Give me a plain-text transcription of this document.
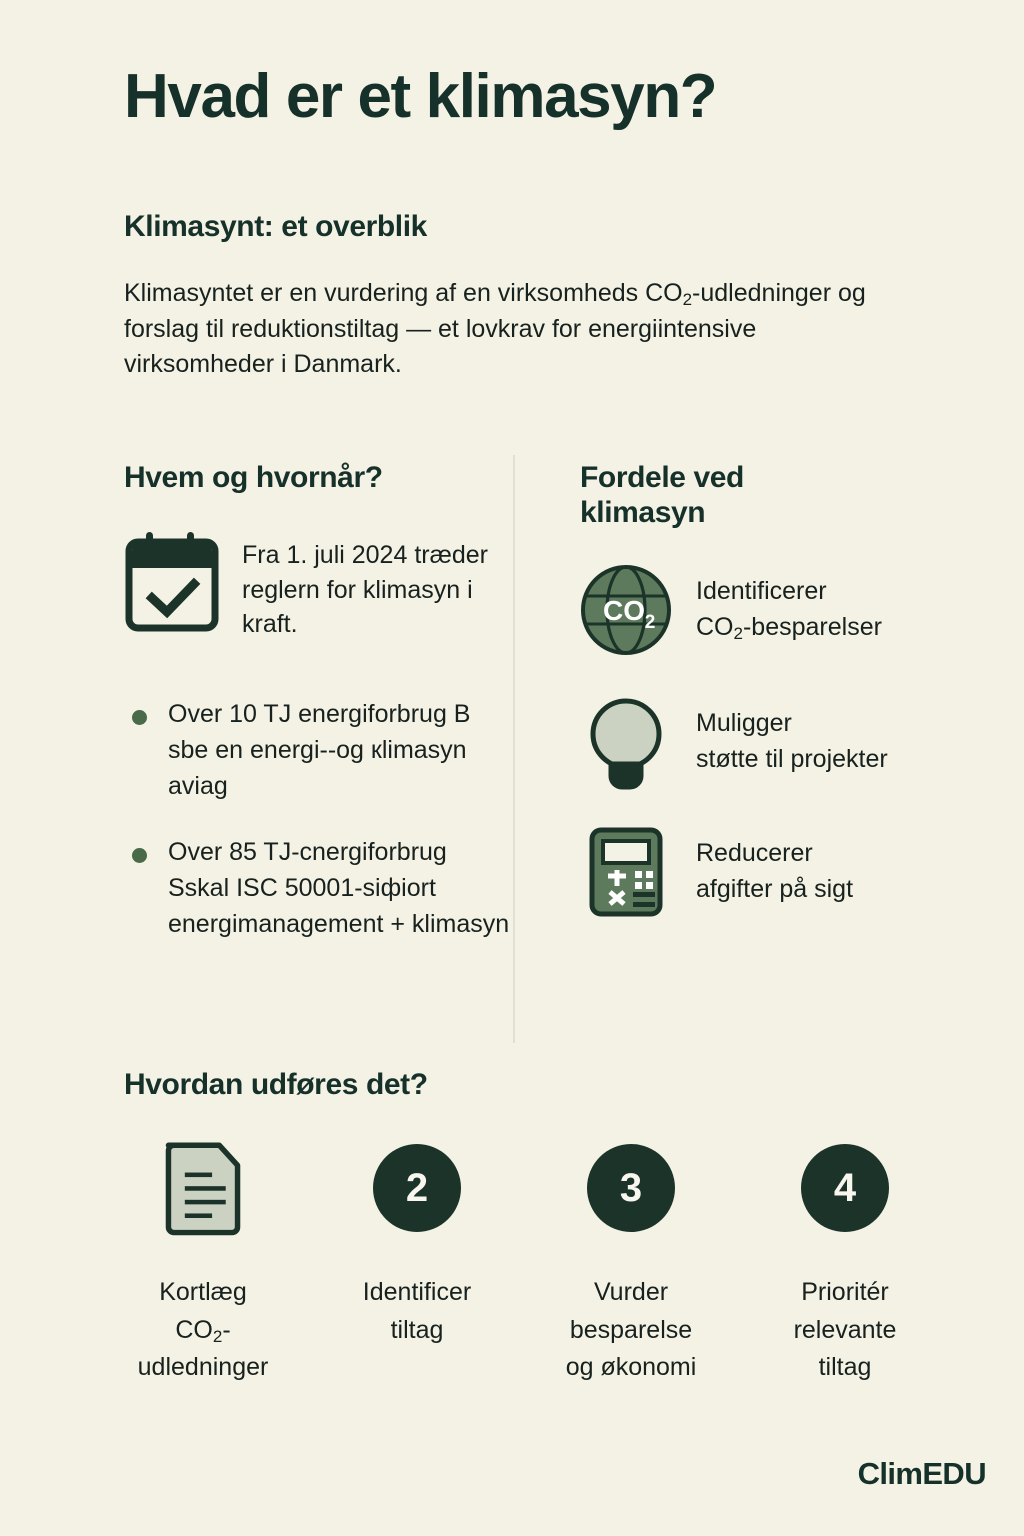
Hvad er et klimasyn?
Klimasynt: et overblik

Klimasyntet er en vurdering af en virksomheds $CO_2$-udledninger og forslag til reduktionstiltag — et lovkrav for energiintensive virksomheder i Danmark.

Hvem og hvornår?
Fra 1. juli 2024 træder reglern for klimasyn i kraft.
Over 10 TJ energiforbrug B sbe en energi--og кlimasyn aviag
Over 85 TJ-cnergiforbrug Sskal ISC 50001-siфiort energimanagement + klimasyn
Fordele ved klimasyn
CO 2
Identificerer
$CO_2$-besparelser
Muligger
støtte til projekter
Reducerer
afgifter på sigt
Hvordan udføres det?
Kortlæg
$CO_2-$
udledninger
2
Identificer
tiltag
3
Vurder
besparelse
og økonomi
4
Prioritér
relevante
tiltag
ClimEDU
